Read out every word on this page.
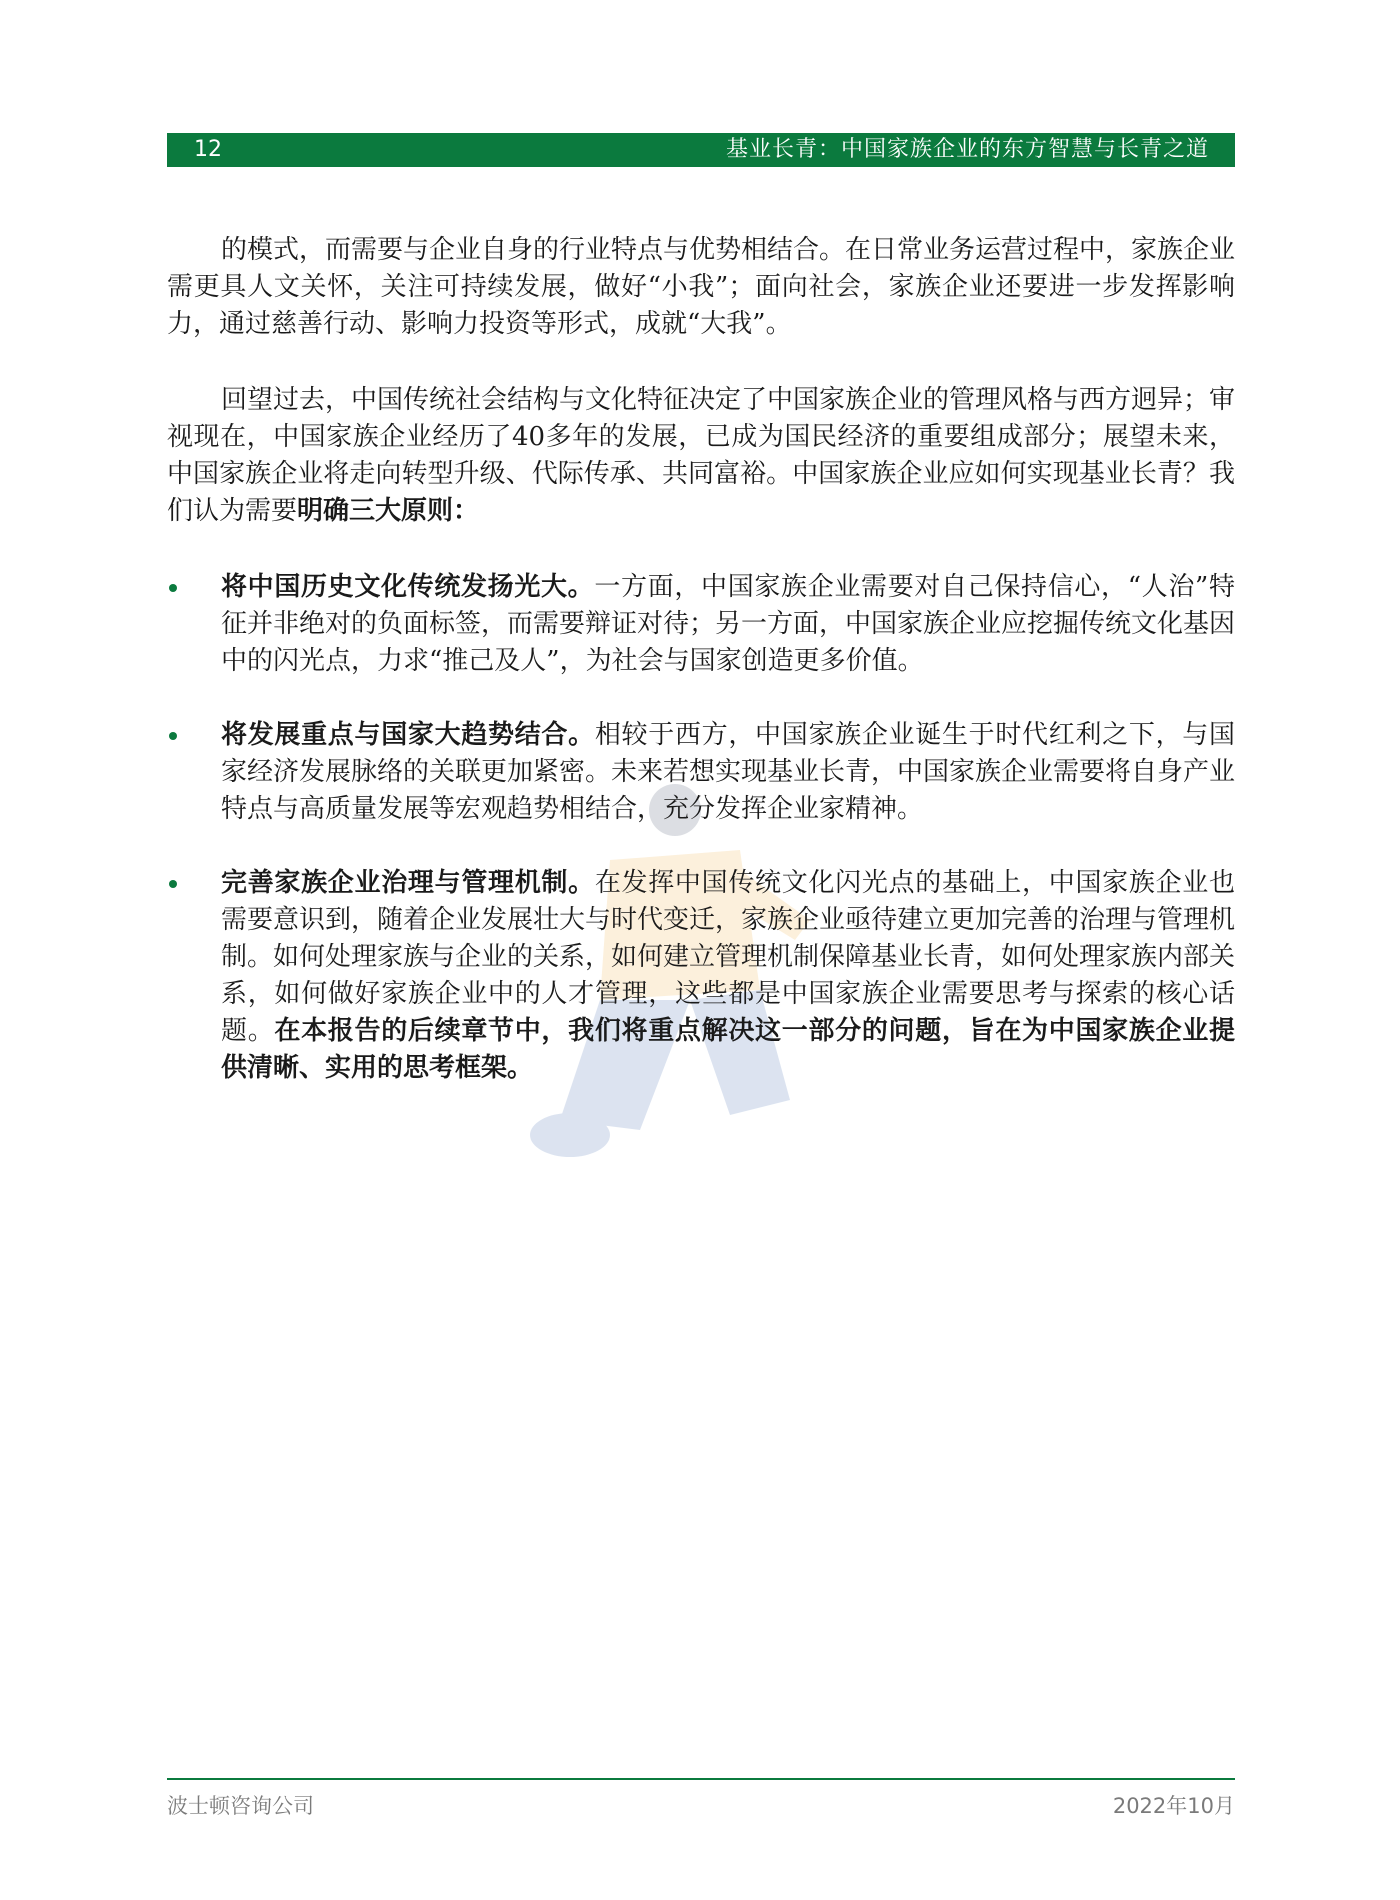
12	基业长青：中国家族企业的东方智慧与长青之道

的模式，而需要与企业自身的行业特点与优势相结合。在日常业务运营过程中，家族企业需更具人文关怀，关注可持续发展，做好“小我”；面向社会，家族企业还要进一步发挥影响力，通过慈善行动、影响力投资等形式，成就“大我”。

回望过去，中国传统社会结构与文化特征决定了中国家族企业的管理风格与西方迥异；审视现在，中国家族企业经历了40多年的发展，已成为国民经济的重要组成部分；展望未来，中国家族企业将走向转型升级、代际传承、共同富裕。中国家族企业应如何实现基业长青？我们认为需要明确三大原则：

将中国历史文化传统发扬光大。一方面，中国家族企业需要对自己保持信心，“人治”特征并非绝对的负面标签，而需要辩证对待；另一方面，中国家族企业应挖掘传统文化基因中的闪光点，力求“推己及人”，为社会与国家创造更多价值。
将发展重点与国家大趋势结合。相较于西方，中国家族企业诞生于时代红利之下，与国家经济发展脉络的关联更加紧密。未来若想实现基业长青，中国家族企业需要将自身产业特点与高质量发展等宏观趋势相结合，充分发挥企业家精神。
完善家族企业治理与管理机制。在发挥中国传统文化闪光点的基础上，中国家族企业也需要意识到，随着企业发展壮大与时代变迁，家族企业亟待建立更加完善的治理与管理机制。如何处理家族与企业的关系，如何建立管理机制保障基业长青，如何处理家族内部关系，如何做好家族企业中的人才管理，这些都是中国家族企业需要思考与探索的核心话题。在本报告的后续章节中，我们将重点解决这一部分的问题，旨在为中国家族企业提供清晰、实用的思考框架。
波士顿咨询公司	2022年10月
